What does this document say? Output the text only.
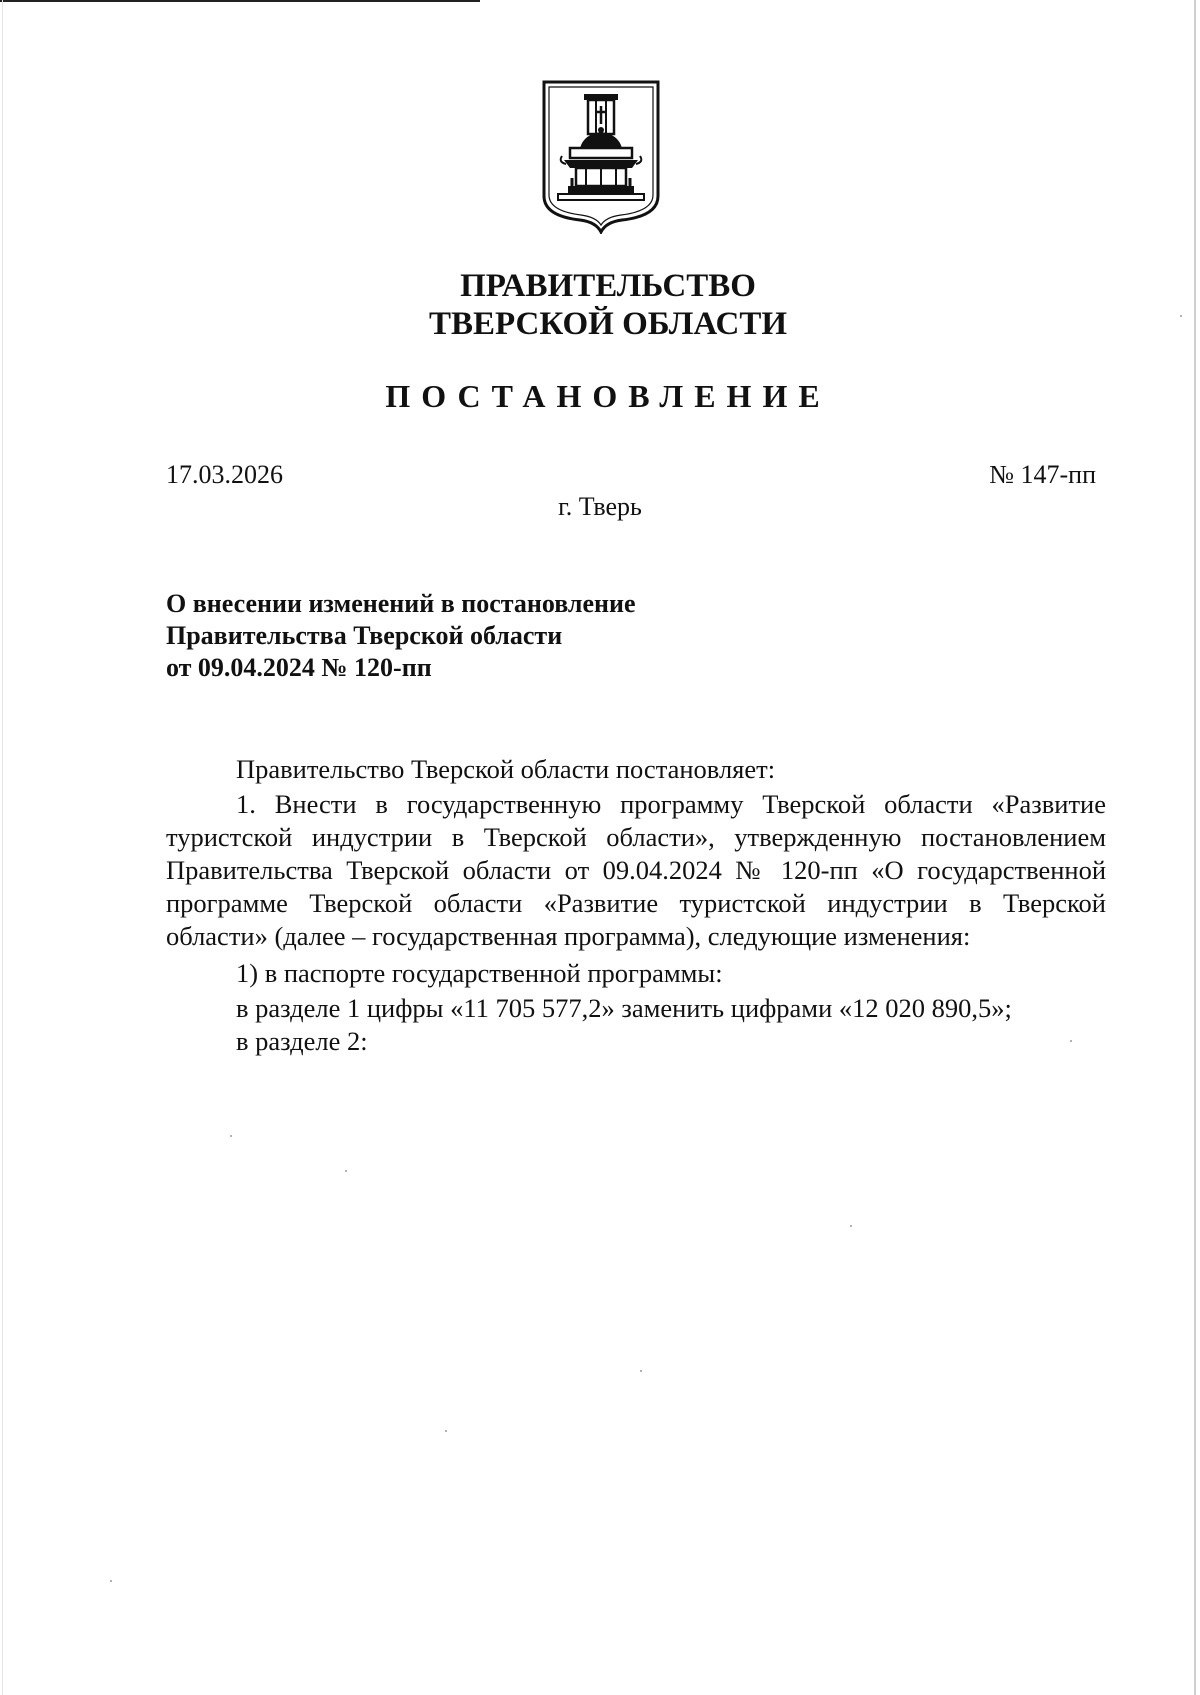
ПРАВИТЕЛЬСТВО
ТВЕРСКОЙ ОБЛАСТИ
ПОСТАНОВЛЕНИЕ
17.03.2026	№ 147-пп
г. Тверь
О внесении изменений в постановление
Правительства Тверской области
от 09.04.2024 № 120-пп
Правительство Тверской области постановляет:
1. Внести в государственную программу Тверской области «Развитие туристской индустрии в Тверской области», утвержденную постановлением Правительства Тверской области от 09.04.2024 № 120-пп «О государственной программе Тверской области «Развитие туристской индустрии в Тверской области» (далее – государственная программа), следующие изменения:
1) в паспорте государственной программы:
в разделе 1 цифры «11 705 577,2» заменить цифрами «12 020 890,5»;
в разделе 2:
